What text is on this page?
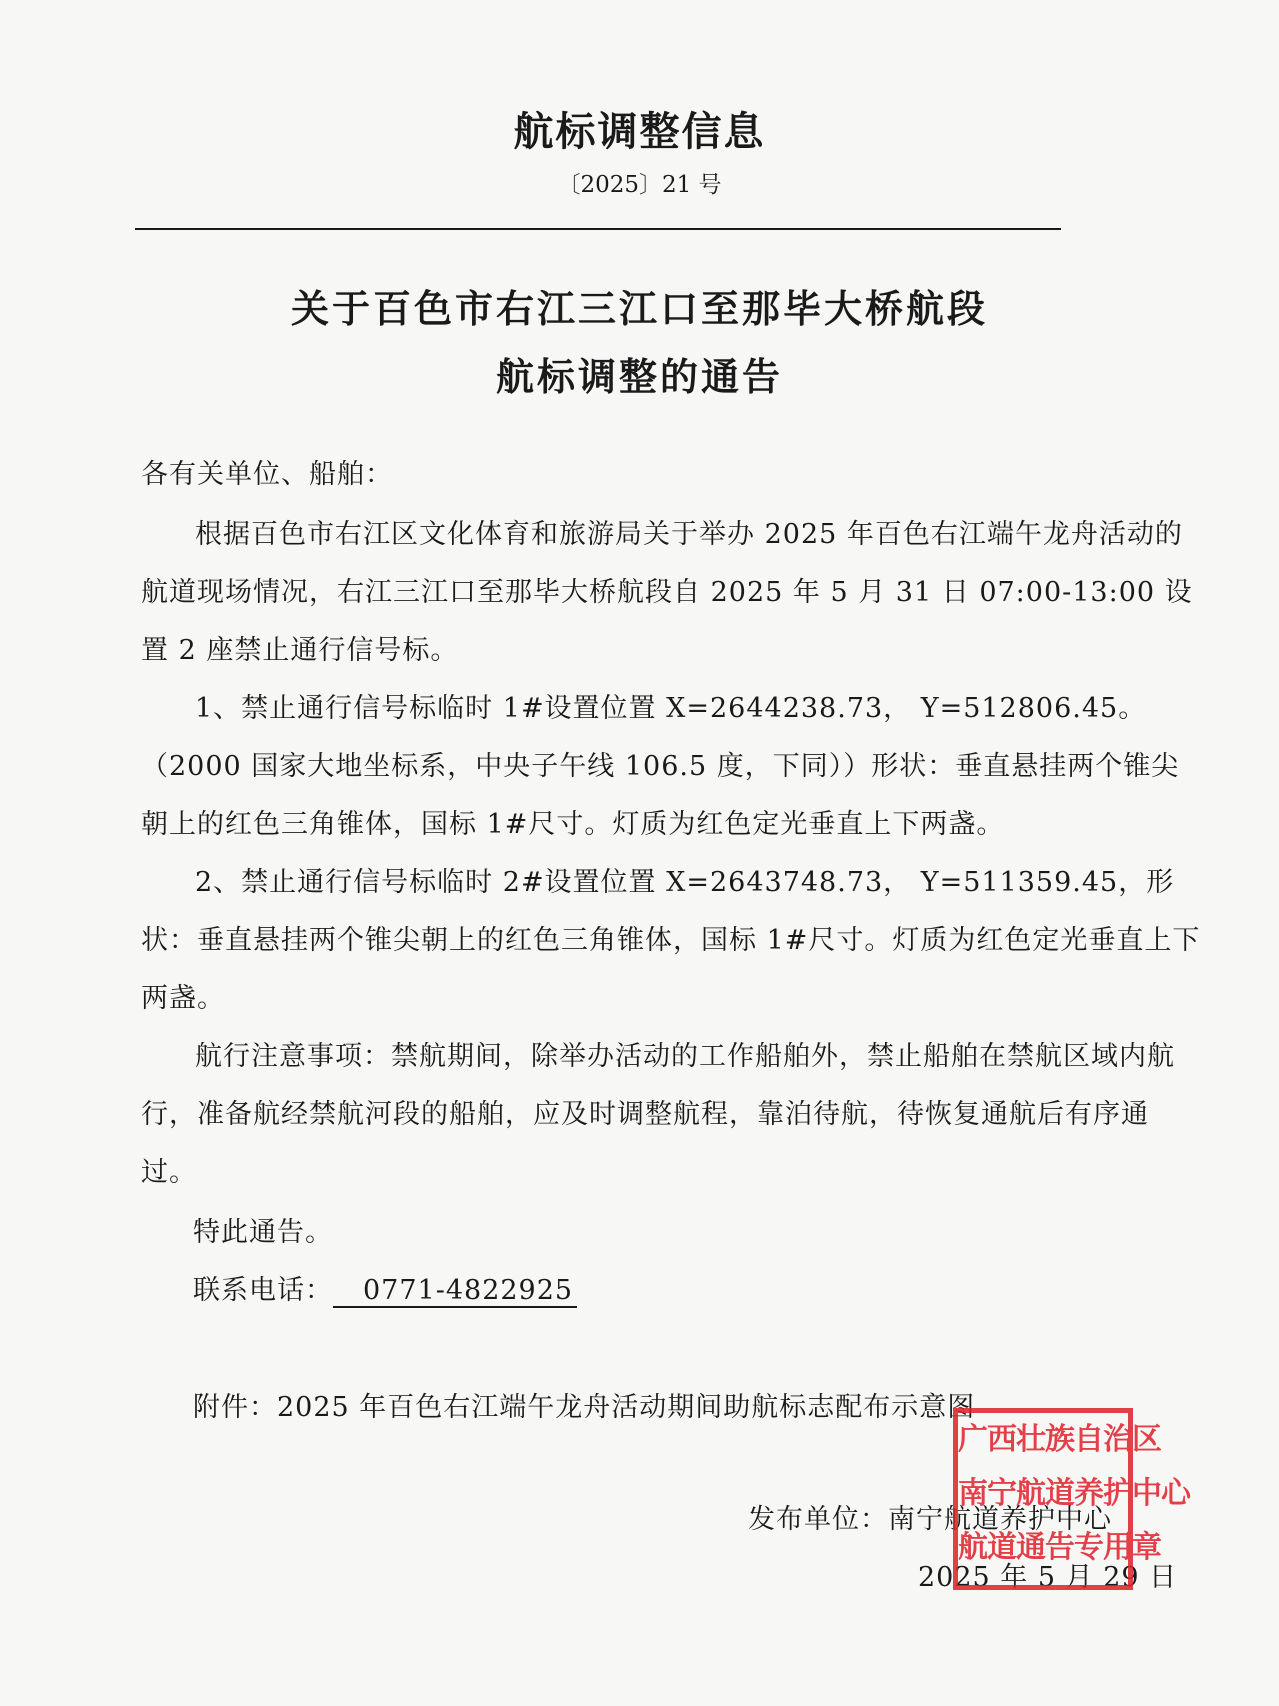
航标调整信息
〔2025〕21 号
关于百色市右江三江口至那毕大桥航段
航标调整的通告
各有关单位、船舶：
根据百色市右江区文化体育和旅游局关于举办 2025 年百色右江端午龙舟活动的航道现场情况，右江三江口至那毕大桥航段自 2025 年 5 月 31 日 07:00-13:00 设置 2 座禁止通行信号标。
1、禁止通行信号标临时 1#设置位置 X=2644238.73， Y=512806.45。（2000 国家大地坐标系，中央子午线 106.5 度，下同））形状：垂直悬挂两个锥尖朝上的红色三角锥体，国标 1#尺寸。灯质为红色定光垂直上下两盏。
2、禁止通行信号标临时 2#设置位置 X=2643748.73， Y=511359.45，形状：垂直悬挂两个锥尖朝上的红色三角锥体，国标 1#尺寸。灯质为红色定光垂直上下两盏。
航行注意事项：禁航期间，除举办活动的工作船舶外，禁止船舶在禁航区域内航行，准备航经禁航河段的船舶，应及时调整航程，靠泊待航，待恢复通航后有序通过。
特此通告。
联系电话： 0771-4822925
附件：2025 年百色右江端午龙舟活动期间助航标志配布示意图
发布单位：南宁航道养护中心
2025 年 5 月 29 日
广西壮族自治区
南宁航道养护中心
航道通告专用章
